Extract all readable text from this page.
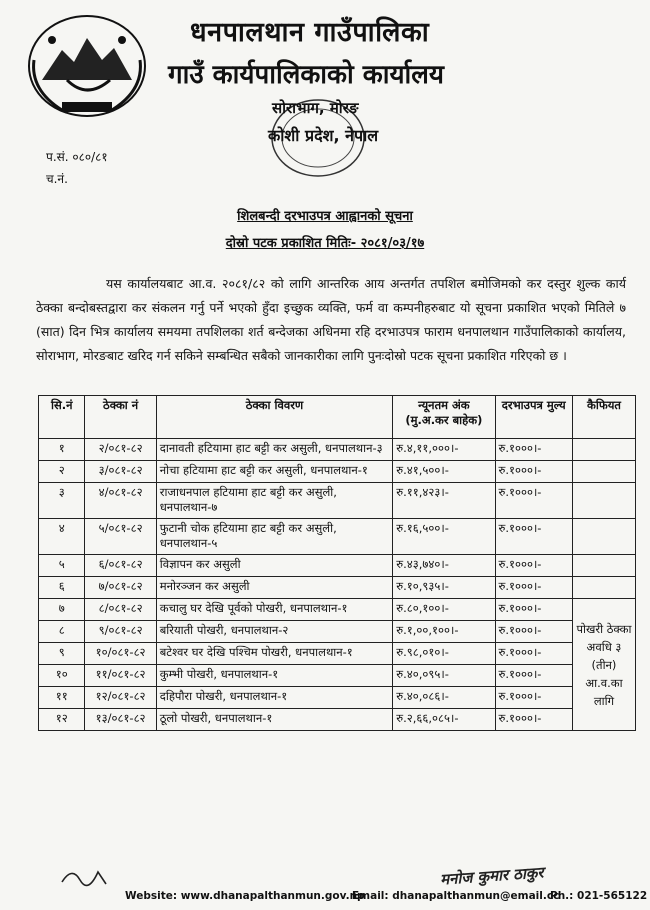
धनपालथान गाउँपालिका
गाउँ कार्यपालिकाको कार्यालय
सोराभाग, मोरङ
कोशी प्रदेश, नेपाल
प.सं. ०८०/८१
च.नं.
शिलबन्दी दरभाउपत्र आह्वानको सूचना
दोस्रो पटक प्रकाशित मितिः- २०८१/०३/१७
यस कार्यालयबाट आ.व. २०८१/८२ को लागि आन्तरिक आय अन्तर्गत तपशिल बमोजिमको कर दस्तुर शुल्क कार्य ठेक्का बन्दोबस्तद्वारा कर संकलन गर्नु पर्ने भएको हुँदा इच्छुक व्यक्ति, फर्म वा कम्पनीहरुबाट यो सूचना प्रकाशित भएको मितिले ७ (सात) दिन भित्र कार्यालय समयमा तपशिलका शर्त बन्देजका अधिनमा रहि दरभाउपत्र फाराम धनपालथान गाउँपालिकाको कार्यालय, सोराभाग, मोरङबाट खरिद गर्न सकिने सम्बन्धित सबैको जानकारीका लागि पुनःदोस्रो पटक सूचना प्रकाशित गरिएको छ ।
सि.नं	ठेक्का नं	ठेक्का विवरण	न्यूनतम अंक (मु.अ.कर बाहेक)	दरभाउपत्र मुल्य	कैफियत
१	२/०८१-८२	दानावती हटियामा हाट बट्टी कर असुली, धनपालथान-३	रु.४,११,०००।-	रु.१०००।-	
२	३/०८१-८२	नोचा हटियामा हाट बट्टी कर असुली, धनपालथान-१	रु.४१,५००।-	रु.१०००।-	
३	४/०८१-८२	राजाधनपाल हटियामा हाट बट्टी कर असुली, धनपालथान-७	रु.११,४२३।-	रु.१०००।-	
४	५/०८१-८२	फुटानी चोक हटियामा हाट बट्टी कर असुली, धनपालथान-५	रु.१६,५००।-	रु.१०००।-	
५	६/०८१-८२	विज्ञापन कर असुली	रु.४३,७४०।-	रु.१०००।-	
६	७/०८१-८२	मनोरञ्जन कर असुली	रु.१०,९३५।-	रु.१०००।-	
७	८/०८१-८२	कचालु घर देखि पूर्वको पोखरी, धनपालथान-१	रु.८०,१००।-	रु.१०००।-	पोखरी ठेक्का अवधि ३ (तीन) आ.व.का लागि
८	९/०८१-८२	बरियाती पोखरी, धनपालथान-२	रु.१,००,१००।-	रु.१०००।-	
९	१०/०८१-८२	बटेश्वर घर देखि पश्चिम पोखरी, धनपालथान-१	रु.९८,०१०।-	रु.१०००।-	
१०	११/०८१-८२	कुम्भी पोखरी, धनपालथान-१	रु.४०,०९५।-	रु.१०००।-	
११	१२/०८१-८२	दहिपौरा पोखरी, धनपालथान-१	रु.४०,०८६।-	रु.१०००।-	
१२	१३/०८१-८२	ठूलो पोखरी, धनपालथान-१	रु.२,६६,०८५।-	रु.१०००।-	
मनोज कुमार ठाकुर
Website: www.dhanapalthanmun.gov.np
Email: dhanapalthanmun@email.cc
Ph.: 021-565122
